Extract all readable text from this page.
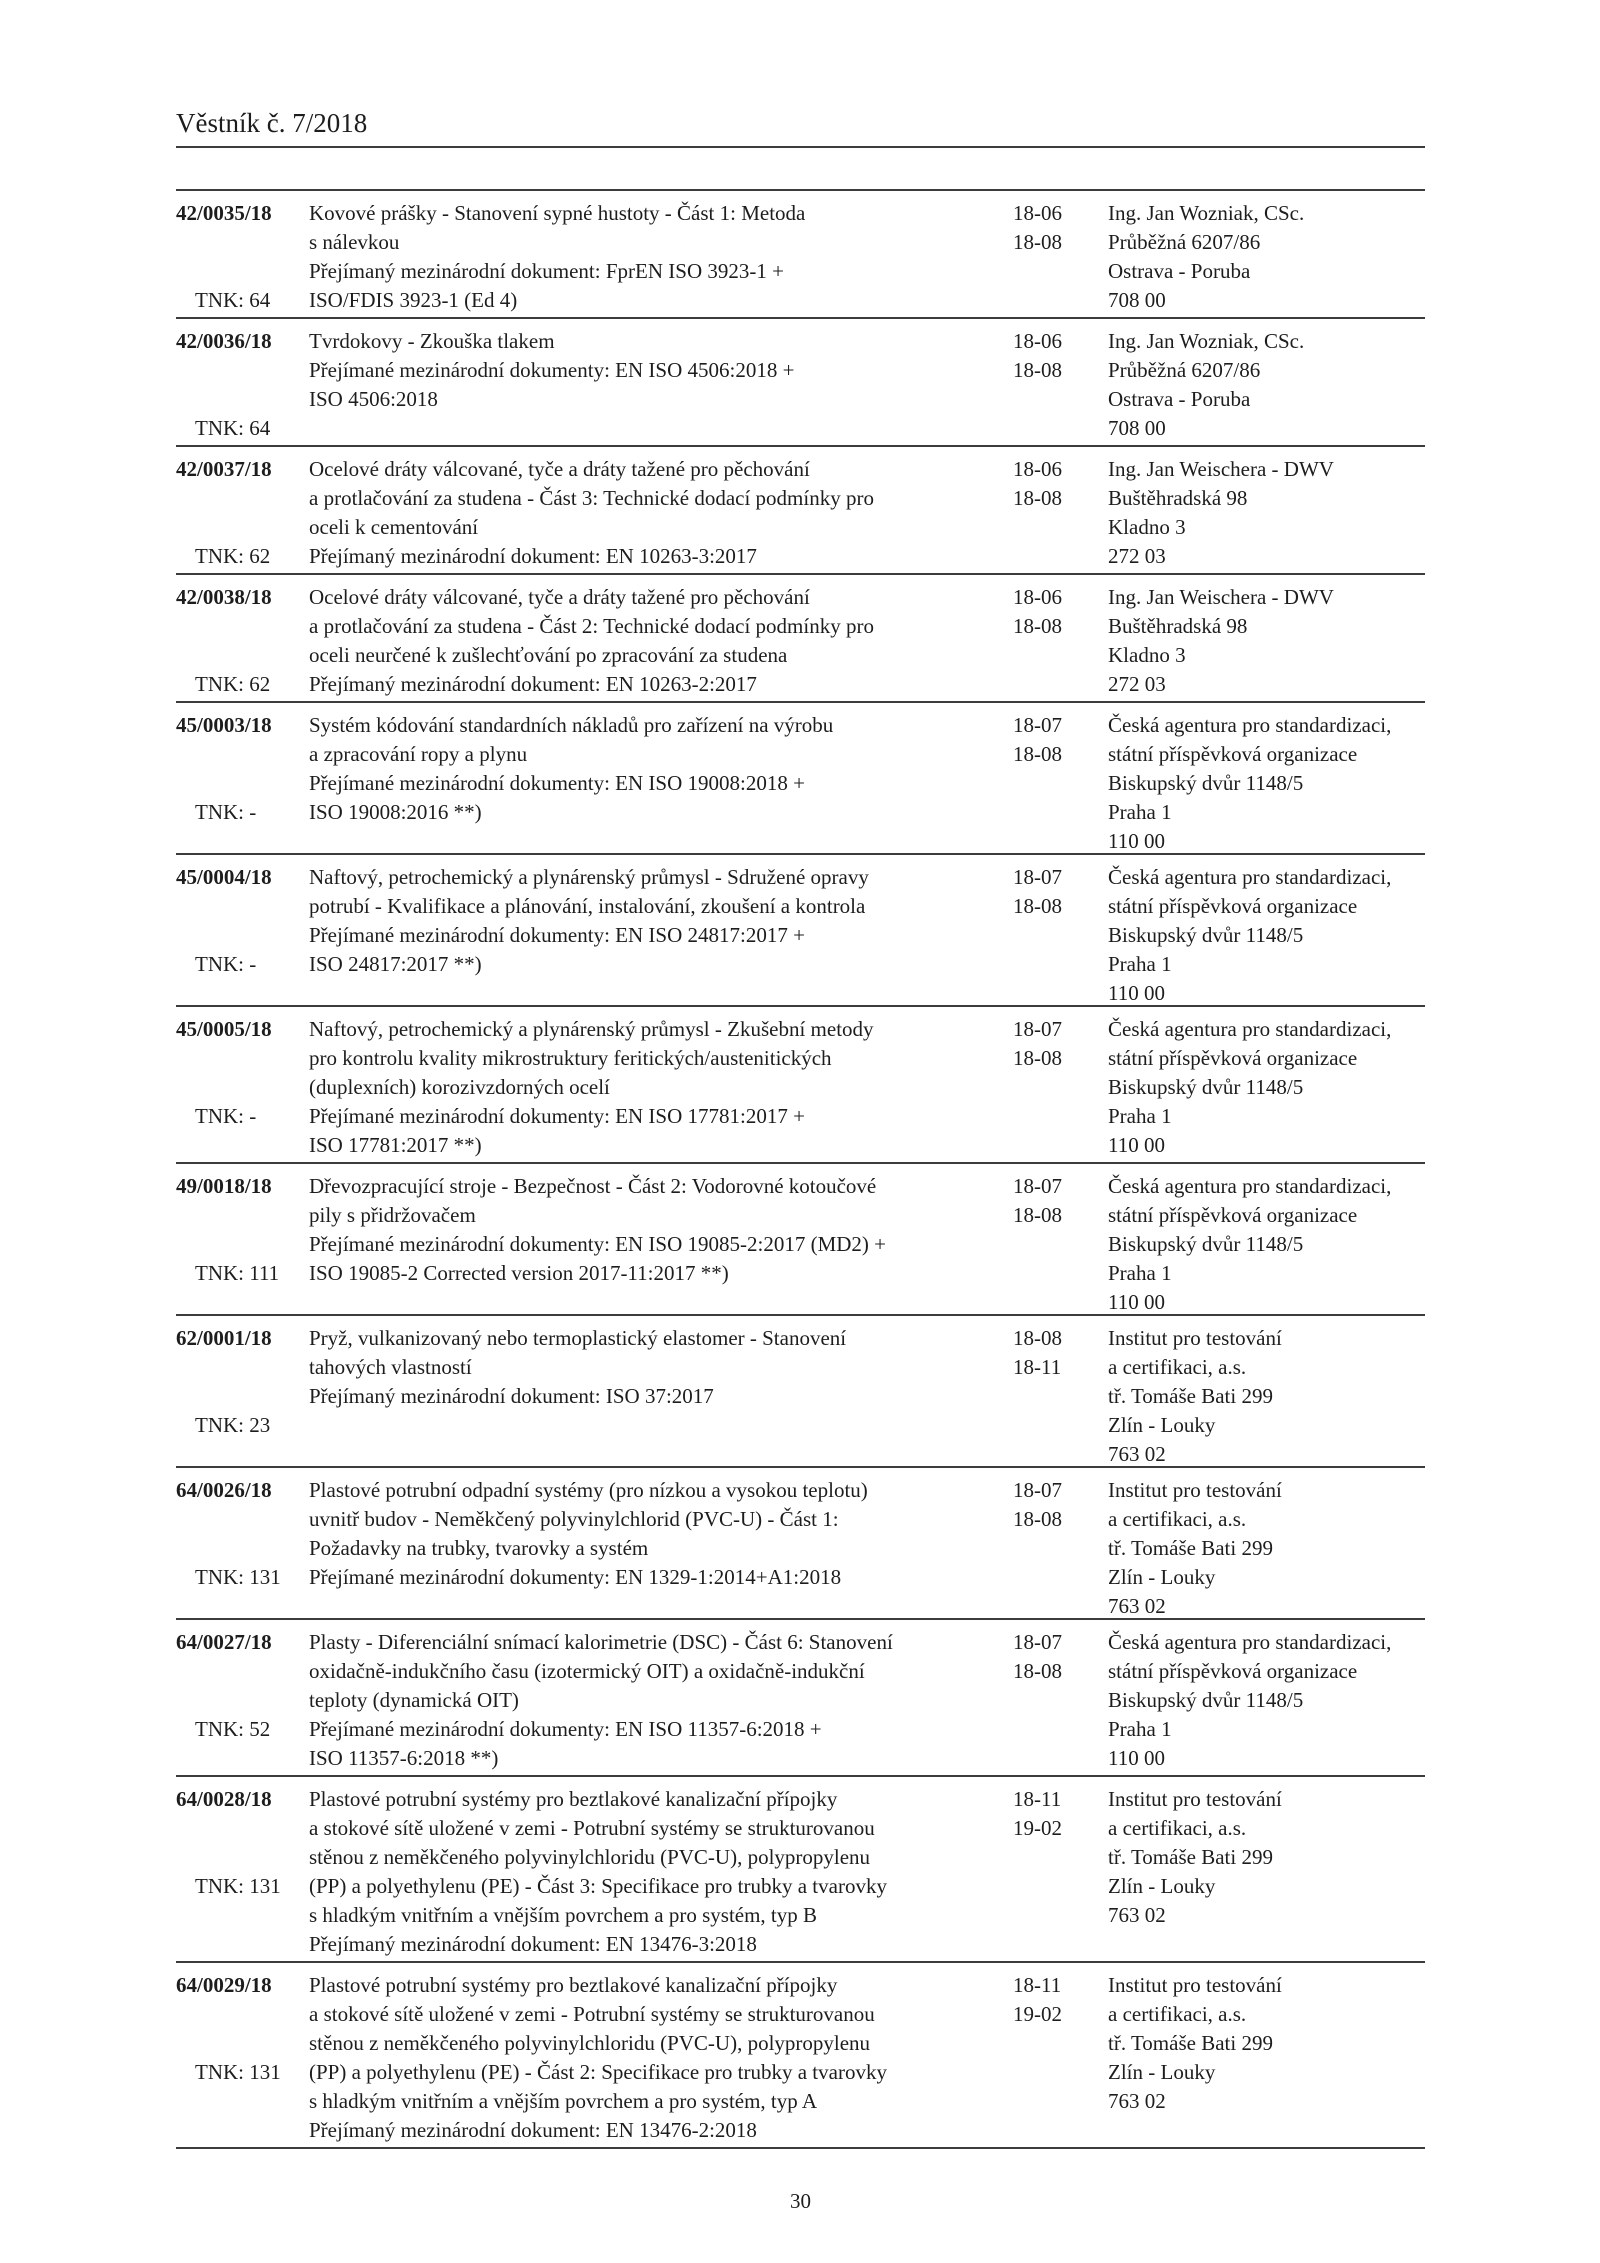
Věstník č. 7/2018
42/0035/18
TNK: 64
Kovové prášky - Stanovení sypné hustoty - Část 1: Metoda
s nálevkou
Přejímaný mezinárodní dokument: FprEN ISO 3923-1 +
ISO/FDIS 3923-1 (Ed 4)
18-06
18-08
Ing. Jan Wozniak, CSc.
Průběžná 6207/86
Ostrava - Poruba
708 00
42/0036/18
TNK: 64
Tvrdokovy - Zkouška tlakem
Přejímané mezinárodní dokumenty: EN ISO 4506:2018 +
ISO 4506:2018
18-06
18-08
Ing. Jan Wozniak, CSc.
Průběžná 6207/86
Ostrava - Poruba
708 00
42/0037/18
TNK: 62
Ocelové dráty válcované, tyče a dráty tažené pro pěchování
a protlačování za studena - Část 3: Technické dodací podmínky pro
oceli k cementování
Přejímaný mezinárodní dokument: EN 10263-3:2017
18-06
18-08
Ing. Jan Weischera - DWV
Buštěhradská 98
Kladno 3
272 03
42/0038/18
TNK: 62
Ocelové dráty válcované, tyče a dráty tažené pro pěchování
a protlačování za studena - Část 2: Technické dodací podmínky pro
oceli neurčené k zušlechťování po zpracování za studena
Přejímaný mezinárodní dokument: EN 10263-2:2017
18-06
18-08
Ing. Jan Weischera - DWV
Buštěhradská 98
Kladno 3
272 03
45/0003/18
TNK: -
Systém kódování standardních nákladů pro zařízení na výrobu
a zpracování ropy a plynu
Přejímané mezinárodní dokumenty: EN ISO 19008:2018 +
ISO 19008:2016 **)
18-07
18-08
Česká agentura pro standardizaci,
státní příspěvková organizace
Biskupský dvůr 1148/5
Praha 1
110 00
45/0004/18
TNK: -
Naftový, petrochemický a plynárenský průmysl - Sdružené opravy
potrubí - Kvalifikace a plánování, instalování, zkoušení a kontrola
Přejímané mezinárodní dokumenty: EN ISO 24817:2017 +
ISO 24817:2017 **)
18-07
18-08
Česká agentura pro standardizaci,
státní příspěvková organizace
Biskupský dvůr 1148/5
Praha 1
110 00
45/0005/18
TNK: -
Naftový, petrochemický a plynárenský průmysl - Zkušební metody
pro kontrolu kvality mikrostruktury feritických/austenitických
(duplexních) korozivzdorných ocelí
Přejímané mezinárodní dokumenty: EN ISO 17781:2017 +
ISO 17781:2017 **)
18-07
18-08
Česká agentura pro standardizaci,
státní příspěvková organizace
Biskupský dvůr 1148/5
Praha 1
110 00
49/0018/18
TNK: 111
Dřevozpracující stroje - Bezpečnost - Část 2: Vodorovné kotoučové
pily s přidržovačem
Přejímané mezinárodní dokumenty: EN ISO 19085-2:2017 (MD2) +
ISO 19085-2 Corrected version 2017-11:2017 **)
18-07
18-08
Česká agentura pro standardizaci,
státní příspěvková organizace
Biskupský dvůr 1148/5
Praha 1
110 00
62/0001/18
TNK: 23
Pryž, vulkanizovaný nebo termoplastický elastomer - Stanovení
tahových vlastností
Přejímaný mezinárodní dokument: ISO 37:2017
18-08
18-11
Institut pro testování
a certifikaci, a.s.
tř. Tomáše Bati 299
Zlín - Louky
763 02
64/0026/18
TNK: 131
Plastové potrubní odpadní systémy (pro nízkou a vysokou teplotu)
uvnitř budov - Neměkčený polyvinylchlorid (PVC-U) - Část 1:
Požadavky na trubky, tvarovky a systém
Přejímané mezinárodní dokumenty: EN 1329-1:2014+A1:2018
18-07
18-08
Institut pro testování
a certifikaci, a.s.
tř. Tomáše Bati 299
Zlín - Louky
763 02
64/0027/18
TNK: 52
Plasty - Diferenciální snímací kalorimetrie (DSC) - Část 6: Stanovení
oxidačně-indukčního času (izotermický OIT) a oxidačně-indukční
teploty (dynamická OIT)
Přejímané mezinárodní dokumenty: EN ISO 11357-6:2018 +
ISO 11357-6:2018 **)
18-07
18-08
Česká agentura pro standardizaci,
státní příspěvková organizace
Biskupský dvůr 1148/5
Praha 1
110 00
64/0028/18
TNK: 131
Plastové potrubní systémy pro beztlakové kanalizační přípojky
a stokové sítě uložené v zemi - Potrubní systémy se strukturovanou
stěnou z neměkčeného polyvinylchloridu (PVC-U), polypropylenu
(PP) a polyethylenu (PE) - Část 3: Specifikace pro trubky a tvarovky
s hladkým vnitřním a vnějším povrchem a pro systém, typ B
Přejímaný mezinárodní dokument: EN 13476-3:2018
18-11
19-02
Institut pro testování
a certifikaci, a.s.
tř. Tomáše Bati 299
Zlín - Louky
763 02
64/0029/18
TNK: 131
Plastové potrubní systémy pro beztlakové kanalizační přípojky
a stokové sítě uložené v zemi - Potrubní systémy se strukturovanou
stěnou z neměkčeného polyvinylchloridu (PVC-U), polypropylenu
(PP) a polyethylenu (PE) - Část 2: Specifikace pro trubky a tvarovky
s hladkým vnitřním a vnějším povrchem a pro systém, typ A
Přejímaný mezinárodní dokument: EN 13476-2:2018
18-11
19-02
Institut pro testování
a certifikaci, a.s.
tř. Tomáše Bati 299
Zlín - Louky
763 02
30
